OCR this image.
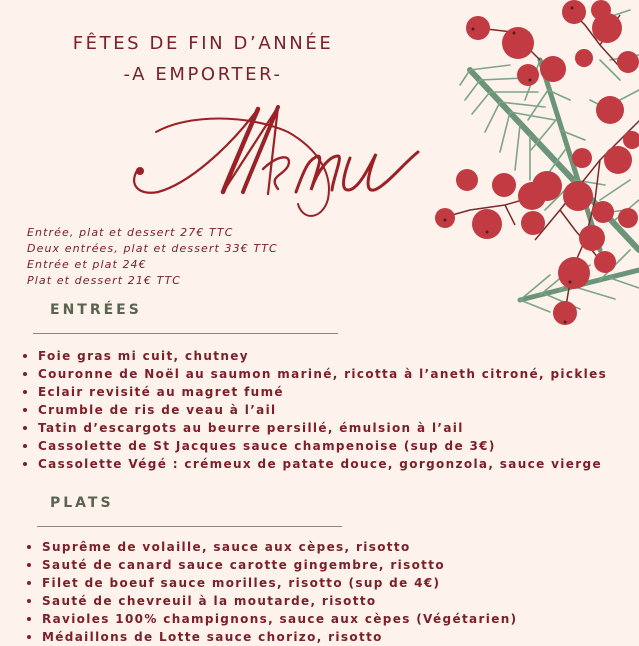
FÊTES DE FIN D’ANNÉE
-A EMPORTER-
Entrée, plat et dessert 27€ TTC
Deux entrées, plat et dessert 33€ TTC
Entrée et plat 24€
Plat et dessert 21€ TTC
ENTRÉES
Foie gras mi cuit, chutney
Couronne de Noël au saumon mariné, ricotta à l’aneth citroné, pickles
Eclair revisité au magret fumé
Crumble de ris de veau à l’ail
Tatin d’escargots au beurre persillé, émulsion à l’ail
Cassolette de St Jacques sauce champenoise (sup de 3€)
Cassolette Végé : crémeux de patate douce, gorgonzola, sauce vierge
PLATS
Suprême de volaille, sauce aux cèpes, risotto
Sauté de canard sauce carotte gingembre, risotto
Filet de boeuf sauce morilles, risotto (sup de 4€)
Sauté de chevreuil à la moutarde, risotto
Ravioles 100% champignons, sauce aux cèpes (Végétarien)
Médaillons de Lotte sauce chorizo, risotto
